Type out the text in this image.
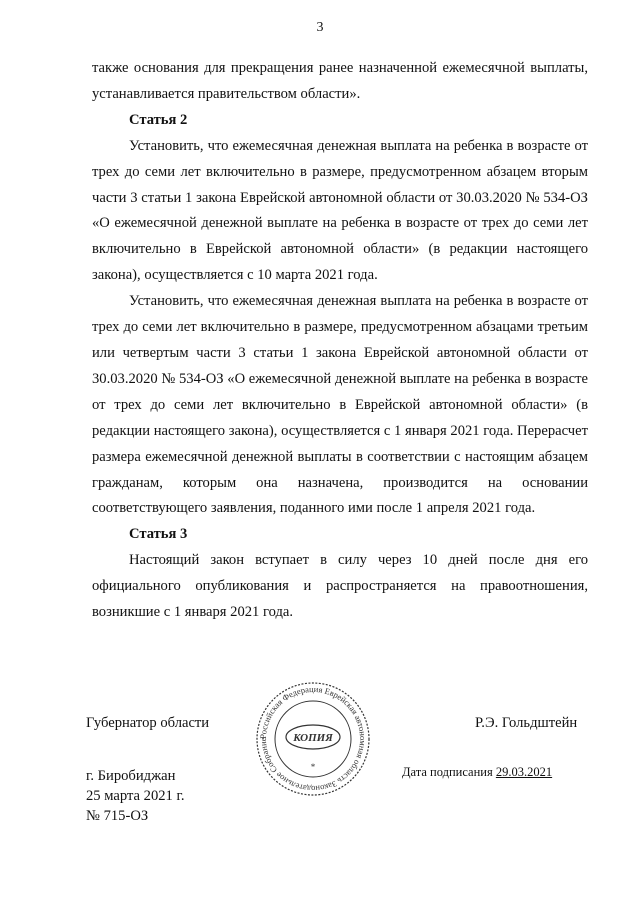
3

также основания для прекращения ранее назначенной ежемесячной выплаты, устанавливается правительством области».

Статья 2

Установить, что ежемесячная денежная выплата на ребенка в возрасте от трех до семи лет включительно в размере, предусмотренном абзацем вторым части 3 статьи 1 закона Еврейской автономной области от 30.03.2020 № 534-ОЗ «О ежемесячной денежной выплате на ребенка в возрасте от трех до семи лет включительно в Еврейской автономной области» (в редакции настоящего закона), осуществляется с 10 марта 2021 года.

Установить, что ежемесячная денежная выплата на ребенка в возрасте от трех до семи лет включительно в размере, предусмотренном абзацами третьим или четвертым части 3 статьи 1 закона Еврейской автономной области от 30.03.2020 № 534-ОЗ «О ежемесячной денежной выплате на ребенка в возрасте от трех до семи лет включительно в Еврейской автономной области» (в редакции настоящего закона), осуществляется с 1 января 2021 года. Перерасчет размера ежемесячной денежной выплаты в соответствии с настоящим абзацем гражданам, которым она назначена, производится на основании соответствующего заявления, поданного ими после 1 апреля 2021 года.

Статья 3

Настоящий закон вступает в силу через 10 дней после дня его официального опубликования и распространяется на правоотношения, возникшие с 1 января 2021 года.

Губернатор области	Р.Э. Гольдштейн
Российская Федерация Еврейская автономная область Законодательное Собрание	КОПИЯ
*
г. Биробиджан
25 марта 2021 г.
№ 715-ОЗ
Дата подписания 29.03.2021
